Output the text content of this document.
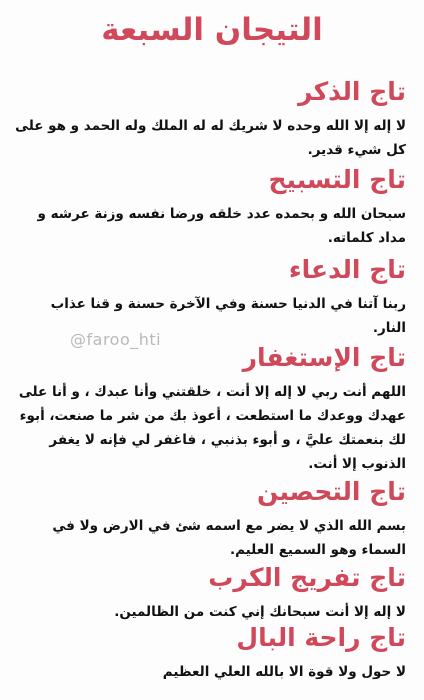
التيجان السبعة
تاج الذكر

لا إله إلا الله وحده لا شريك له له الملك وله الحمد و هو على كل شيء قدير.

تاج التسبيح

سبحان الله و بحمده عدد خلقه ورضا نفسه وزنة عرشه و مداد كلماته.

تاج الدعاء

ربنا آتنا في الدنيا حسنة وفي الآخرة حسنة و قنا عذاب النار.

تاج الإستغفار

اللهم أنت ربي لا إله إلا أنت ، خلقتني وأنا عبدك ، و أنا على عهدك ووعدك ما استطعت ، أعوذ بك من شر ما صنعت، أبوء لك بنعمتك عليَّ ، و أبوء بذنبي ، فاغفر لي فإنه لا يغفر الذنوب إلا أنت.

تاج التحصين

بسم الله الذي لا يضر مع اسمه شئ في الارض ولا في السماء وهو السميع العليم.

تاج تفريج الكرب

لا إله إلا أنت سبحانك إني كنت من الظالمين.

تاج راحة البال

لا حول ولا قوة الا بالله العلي العظيم

@faroo_hti
